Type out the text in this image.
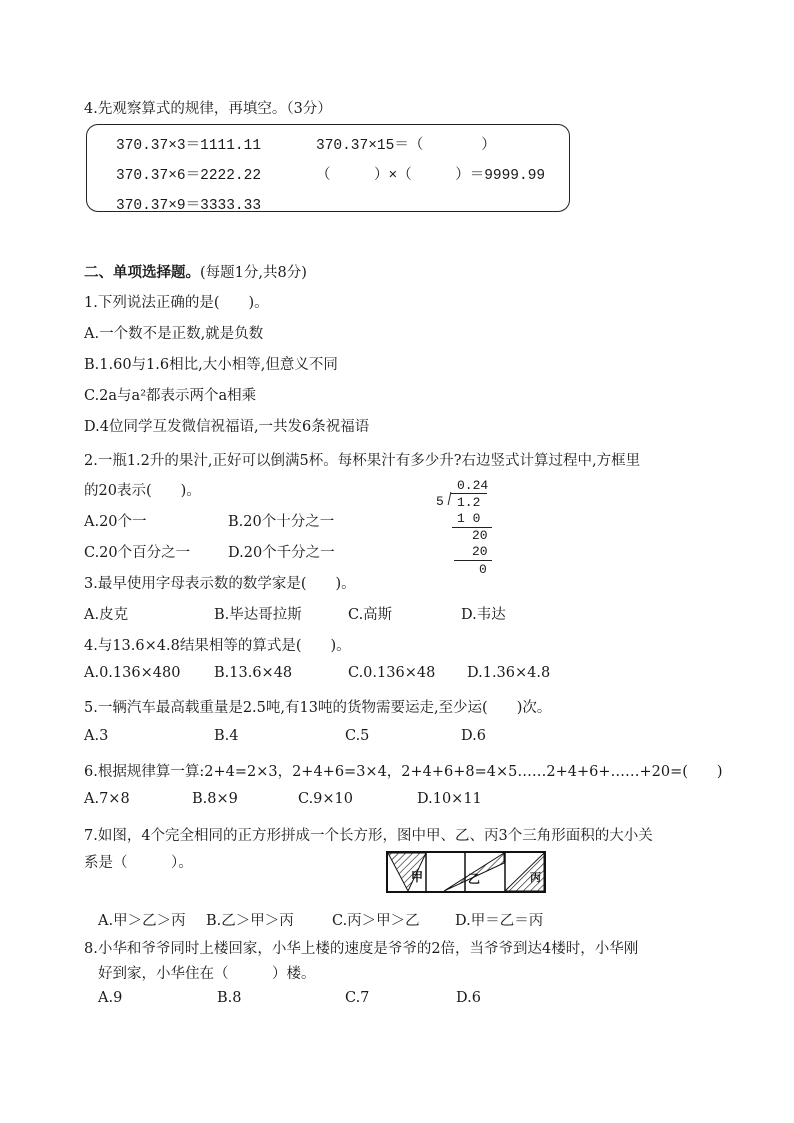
4.先观察算式的规律，再填空。（3分）
370.37×3＝1111.11
370.37×6＝2222.22
370.37×9＝3333.33
370.37×15＝（　　　　）
（　　　）×（　　　）＝9999.99
二、单项选择题。(每题1分,共8分)
1.下列说法正确的是(　　)。
A.一个数不是正数,就是负数
B.1.60与1.6相比,大小相等,但意义不同
C.2a与a²都表示两个a相乘
D.4位同学互发微信祝福语,一共发6条祝福语
2.一瓶1.2升的果汁,正好可以倒满5杯。每杯果汁有多少升?右边竖式计算过程中,方框里
的20表示(　　)。
A.20个一	B.20个十分之一
C.20个百分之一	D.20个千分之一
0.24
5 1.2
1 0
20
20
0
3.最早使用字母表示数的数学家是(　　)。
A.皮克	B.毕达哥拉斯	C.高斯	D.韦达
4.与13.6×4.8结果相等的算式是(　　)。
A.0.136×480 B.13.6×48	C.0.136×48 D.1.36×4.8
5.一辆汽车最高载重量是2.5吨,有13吨的货物需要运走,至少运(　　)次。
A.3	B.4	C.5	D.6
6.根据规律算一算:2+4=2×3，2+4+6=3×4，2+4+6+8=4×5……2+4+6+……+20=(　　)
A.7×8	B.8×9	C.9×10	D.10×11
7.如图，4个完全相同的正方形拼成一个长方形，图中甲、乙、丙3个三角形面积的大小关
系是（　　　）。
甲	乙	丙
A.甲＞乙＞丙 B.乙＞甲＞丙	C.丙＞甲＞乙 D.甲＝乙＝丙
8.小华和爷爷同时上楼回家，小华上楼的速度是爷爷的2倍，当爷爷到达4楼时，小华刚
好到家，小华住在（　　　）楼。
A.9	B.8	C.7	D.6
